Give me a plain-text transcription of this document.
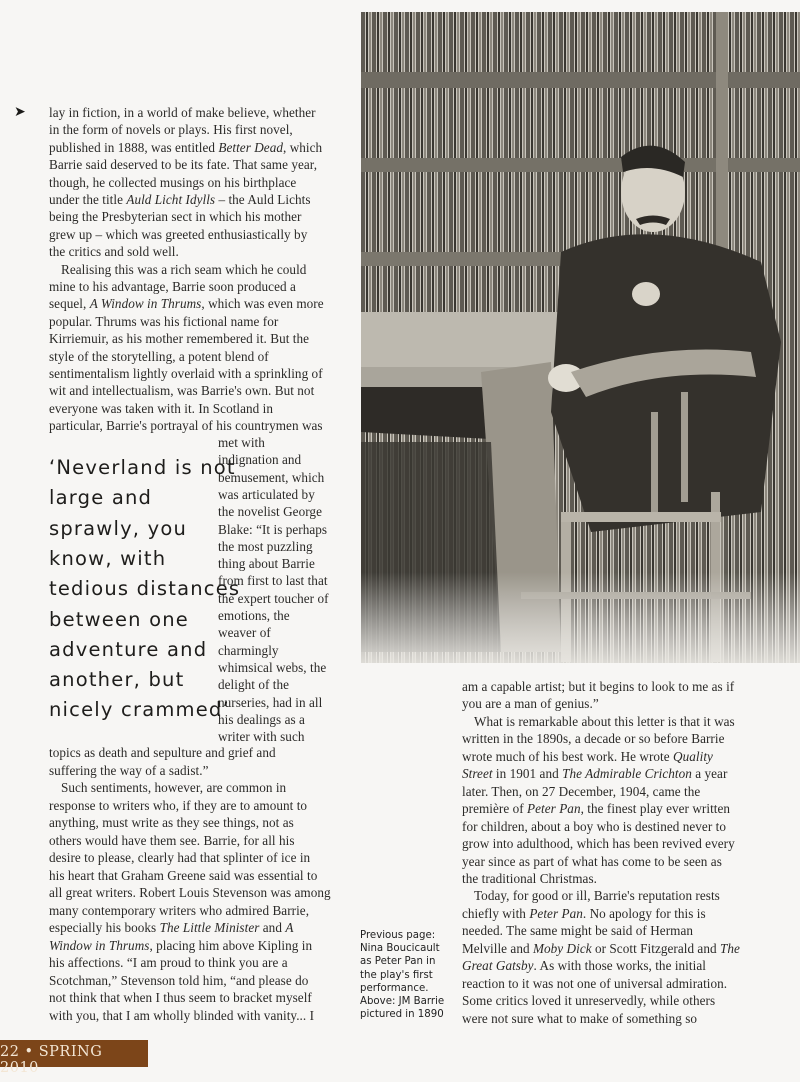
➤ lay in fiction, in a world of make believe, whether
in the form of novels or plays. His first novel,
published in 1888, was entitled Better Dead, which
Barrie said deserved to be its fate. That same year,
though, he collected musings on his birthplace
under the title Auld Licht Idylls – the Auld Lichts
being the Presbyterian sect in which his mother
grew up – which was greeted enthusiastically by
the critics and sold well.
Realising this was a rich seam which he could
mine to his advantage, Barrie soon produced a
sequel, A Window in Thrums, which was even more
popular. Thrums was his fictional name for
Kirriemuir, as his mother remembered it. But the
style of the storytelling, a potent blend of
sentimentalism lightly overlaid with a sprinkling of
wit and intellectualism, was Barrie's own. But not
everyone was taken with it. In Scotland in
particular, Barrie's portrayal of his countrymen was
met with
indignation and
bemusement, which
was articulated by
the novelist George
Blake: “It is perhaps
the most puzzling
thing about Barrie
from first to last that
the expert toucher of
emotions, the
weaver of
charmingly
whimsical webs, the
delight of the
nurseries, had in all
his dealings as a
writer with such
topics as death and sepulture and grief and
suffering the way of a sadist.”
Such sentiments, however, are common in
response to writers who, if they are to amount to
anything, must write as they see things, not as
others would have them see. Barrie, for all his
desire to please, clearly had that splinter of ice in
his heart that Graham Greene said was essential to
all great writers. Robert Louis Stevenson was among
many contemporary writers who admired Barrie,
especially his books The Little Minister and A
Window in Thrums, placing him above Kipling in
his affections. “I am proud to think you are a
Scotchman,” Stevenson told him, “and please do
not think that when I thus seem to bracket myself
with you, that I am wholly blinded with vanity... I
am a capable artist; but it begins to look to me as if
you are a man of genius.”
What is remarkable about this letter is that it was
written in the 1890s, a decade or so before Barrie
wrote much of his best work. He wrote Quality
Street in 1901 and The Admirable Crichton a year
later. Then, on 27 December, 1904, came the
première of Peter Pan, the finest play ever written
for children, about a boy who is destined never to
grow into adulthood, which has been revived every
year since as part of what has come to be seen as
the traditional Christmas.
Today, for good or ill, Barrie's reputation rests
chiefly with Peter Pan. No apology for this is
needed. The same might be said of Herman
Melville and Moby Dick or Scott Fitzgerald and The
Great Gatsby. As with those works, the initial
reaction to it was not one of universal admiration.
Some critics loved it unreservedly, while others
were not sure what to make of something so
‘Neverland is not
large and
sprawly, you
know, with
tedious distances
between one
adventure and
another, but
nicely crammed’
Previous page:
Nina Boucicault
as Peter Pan in
the play's first
performance.
Above: JM Barrie
pictured in 1890
22 • SPRING 2010
